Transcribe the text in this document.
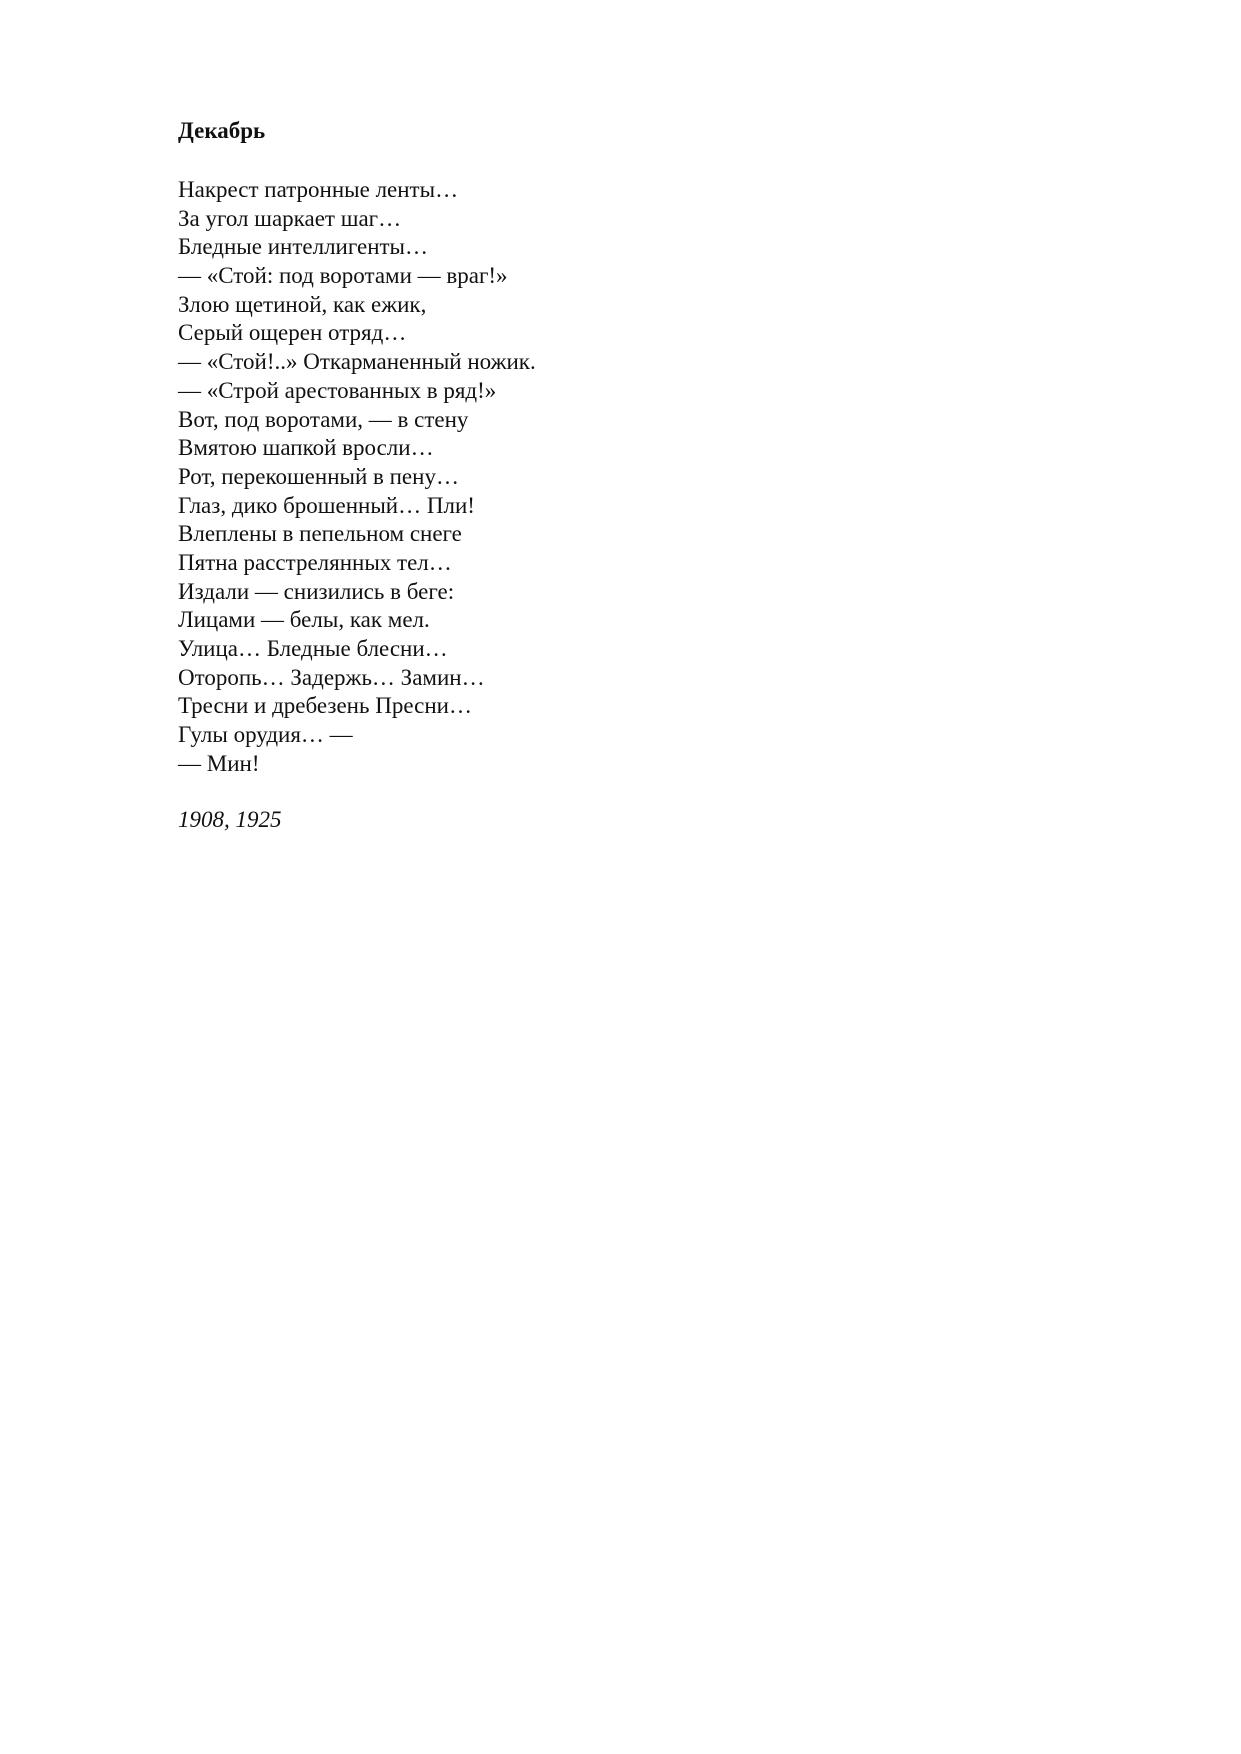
Декабрь
Накрест патронные ленты…
За угол шаркает шаг…
Бледные интеллигенты…
— «Стой: под воротами — враг!»
Злою щетиной, как ежик,
Серый ощерен отряд…
— «Стой!..» Откарманенный ножик.
— «Строй арестованных в ряд!»
Вот, под воротами, — в стену
Вмятою шапкой вросли…
Рот, перекошенный в пену…
Глаз, дико брошенный… Пли!
Влеплены в пепельном снеге
Пятна расстрелянных тел…
Издали — снизились в беге:
Лицами — белы, как мел.
Улица… Бледные блесни…
Оторопь… Задержь… Замин…
Тресни и дребезень Пресни…
Гулы орудия… —
— Мин!
1908, 1925
